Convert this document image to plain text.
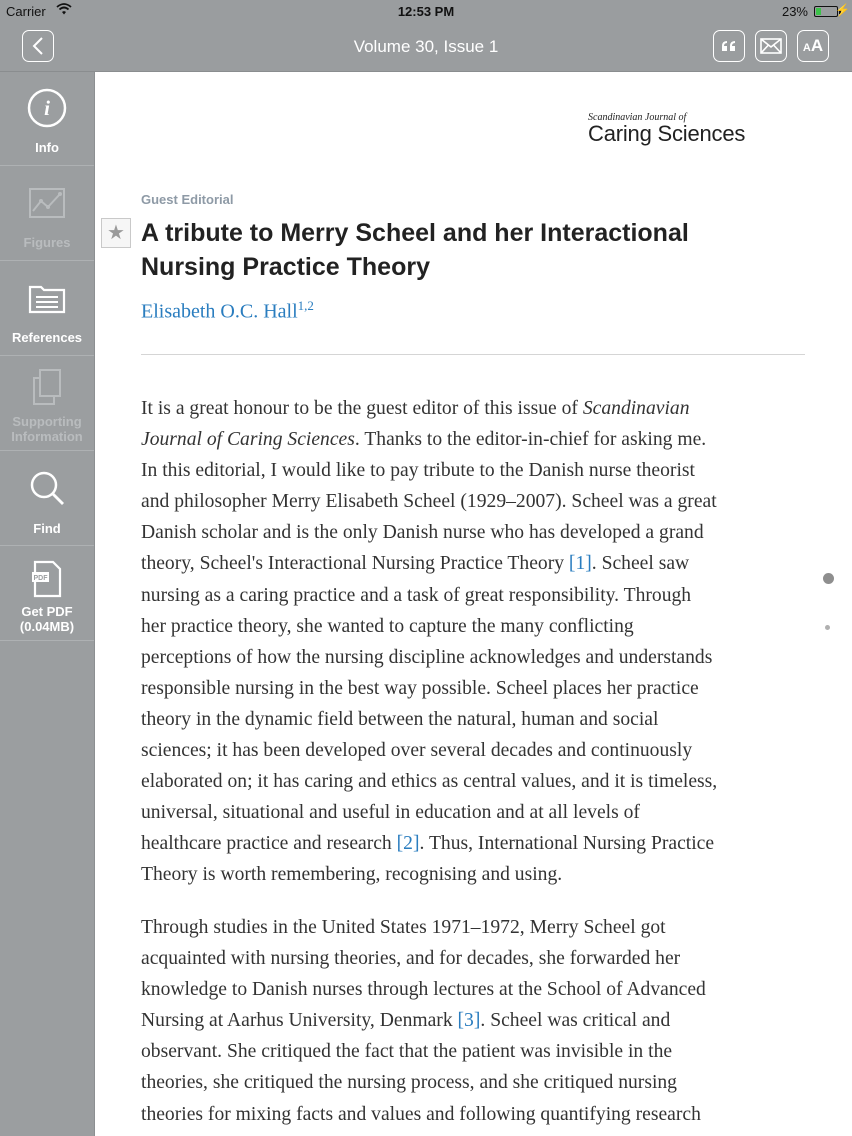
Carrier	12:53 PM	23% ⚡
Volume 30, Issue 1	AA
i
Info
Figures
References
Supporting Information
Find
PDF
Get PDF
(0.04MB)
Scandinavian Journal of
Caring Sciences
Guest Editorial
★ A tribute to Merry Scheel and her Interactional
Nursing Practice Theory
Elisabeth O.C. Hall$^{1,2}$
It is a great honour to be the guest editor of this issue of Scandinavian
Journal of Caring Sciences. Thanks to the editor-in-chief for asking me.
In this editorial, I would like to pay tribute to the Danish nurse theorist
and philosopher Merry Elisabeth Scheel (1929–2007). Scheel was a great
Danish scholar and is the only Danish nurse who has developed a grand
theory, Scheel's Interactional Nursing Practice Theory [1]. Scheel saw
nursing as a caring practice and a task of great responsibility. Through
her practice theory, she wanted to capture the many conflicting
perceptions of how the nursing discipline acknowledges and understands
responsible nursing in the best way possible. Scheel places her practice
theory in the dynamic field between the natural, human and social
sciences; it has been developed over several decades and continuously
elaborated on; it has caring and ethics as central values, and it is timeless,
universal, situational and useful in education and at all levels of
healthcare practice and research [2]. Thus, International Nursing Practice
Theory is worth remembering, recognising and using.
Through studies in the United States 1971–1972, Merry Scheel got
acquainted with nursing theories, and for decades, she forwarded her
knowledge to Danish nurses through lectures at the School of Advanced
Nursing at Aarhus University, Denmark [3]. Scheel was critical and
observant. She critiqued the fact that the patient was invisible in the
theories, she critiqued the nursing process, and she critiqued nursing
theories for mixing facts and values and following quantifying research
